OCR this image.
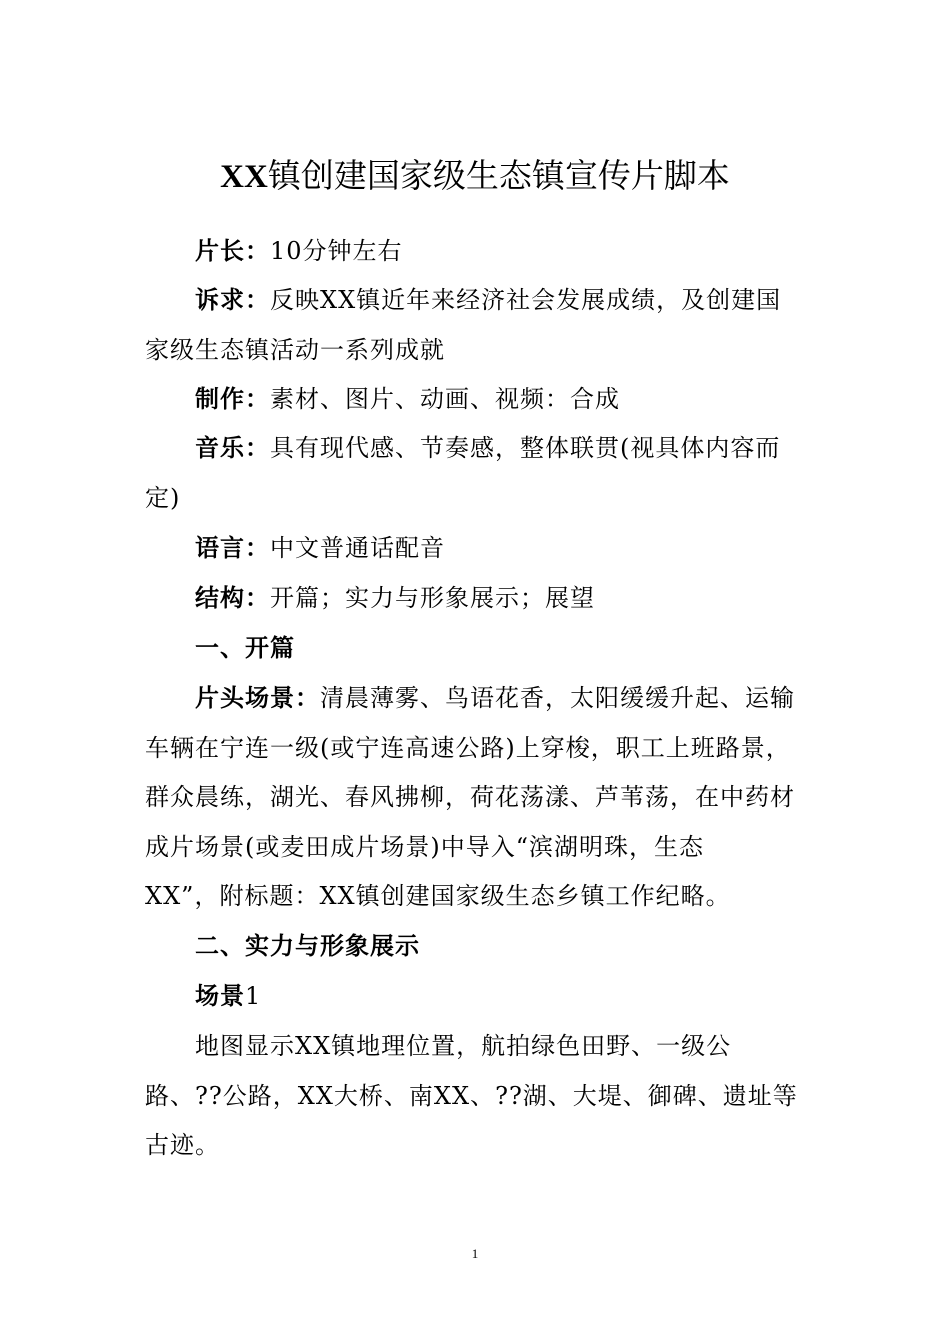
XX镇创建国家级生态镇宣传片脚本

片长：10分钟左右

诉求：反映XX镇近年来经济社会发展成绩，及创建国
家级生态镇活动一系列成就

制作：素材、图片、动画、视频：合成

音乐：具有现代感、节奏感，整体联贯(视具体内容而
定)

语言：中文普通话配音

结构：开篇；实力与形象展示；展望

一、开篇

片头场景：清晨薄雾、鸟语花香，太阳缓缓升起、运输
车辆在宁连一级(或宁连高速公路)上穿梭，职工上班路景，
群众晨练，湖光、春风拂柳，荷花荡漾、芦苇荡，在中药材
成片场景(或麦田成片场景)中导入“滨湖明珠，生态
XX”，附标题：XX镇创建国家级生态乡镇工作纪略。

二、实力与形象展示

场景1

地图显示XX镇地理位置，航拍绿色田野、一级公
路、??公路，XX大桥、南XX、??湖、大堤、御碑、遗址等
古迹。

1
